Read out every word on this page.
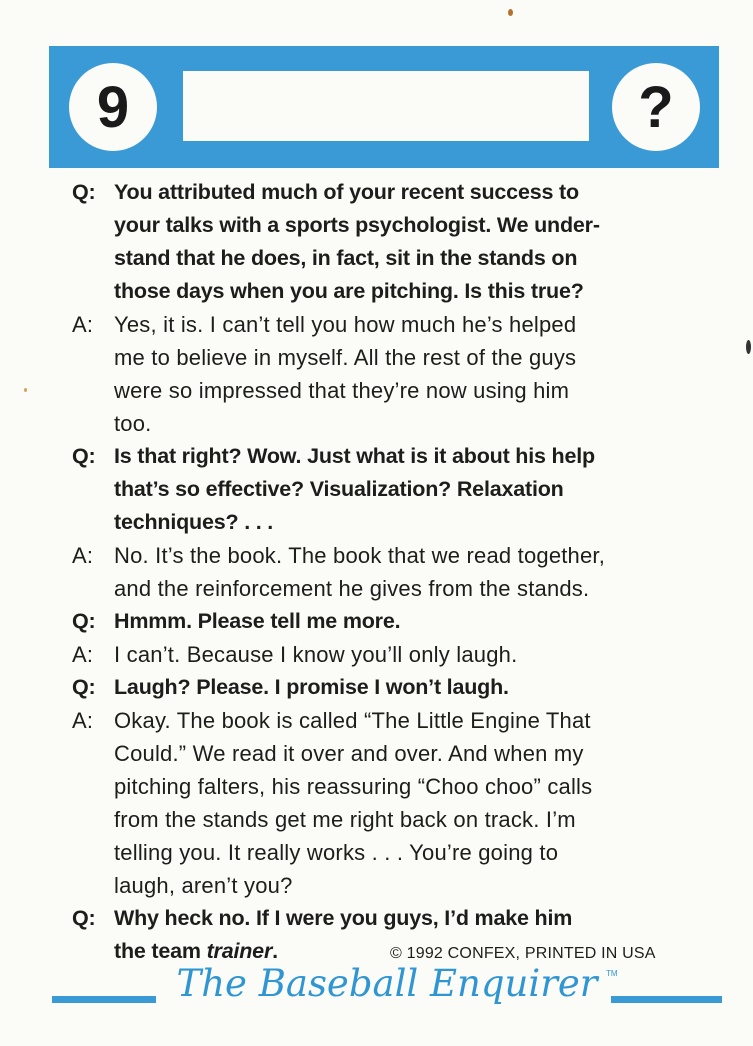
9	?
Q: You attributed much of your recent success to
your talks with a sports psychologist. We under-
stand that he does, in fact, sit in the stands on
those days when you are pitching. Is this true?
A: Yes, it is. I can’t tell you how much he’s helped
me to believe in myself. All the rest of the guys
were so impressed that they’re now using him
too.
Q: Is that right? Wow. Just what is it about his help
that’s so effective? Visualization? Relaxation
techniques? . . .
A: No. It’s the book. The book that we read together,
and the reinforcement he gives from the stands.
Q: Hmmm. Please tell me more.
A: I can’t. Because I know you’ll only laugh.
Q: Laugh? Please. I promise I won’t laugh.
A: Okay. The book is called “The Little Engine That
Could.” We read it over and over. And when my
pitching falters, his reassuring “Choo choo” calls
from the stands get me right back on track. I’m
telling you. It really works . . . You’re going to
laugh, aren’t you?
Q: Why heck no. If I were you guys, I’d make him
the team trainer.	© 1992 CONFEX, PRINTED IN USA
The Baseball Enquirer	TM
